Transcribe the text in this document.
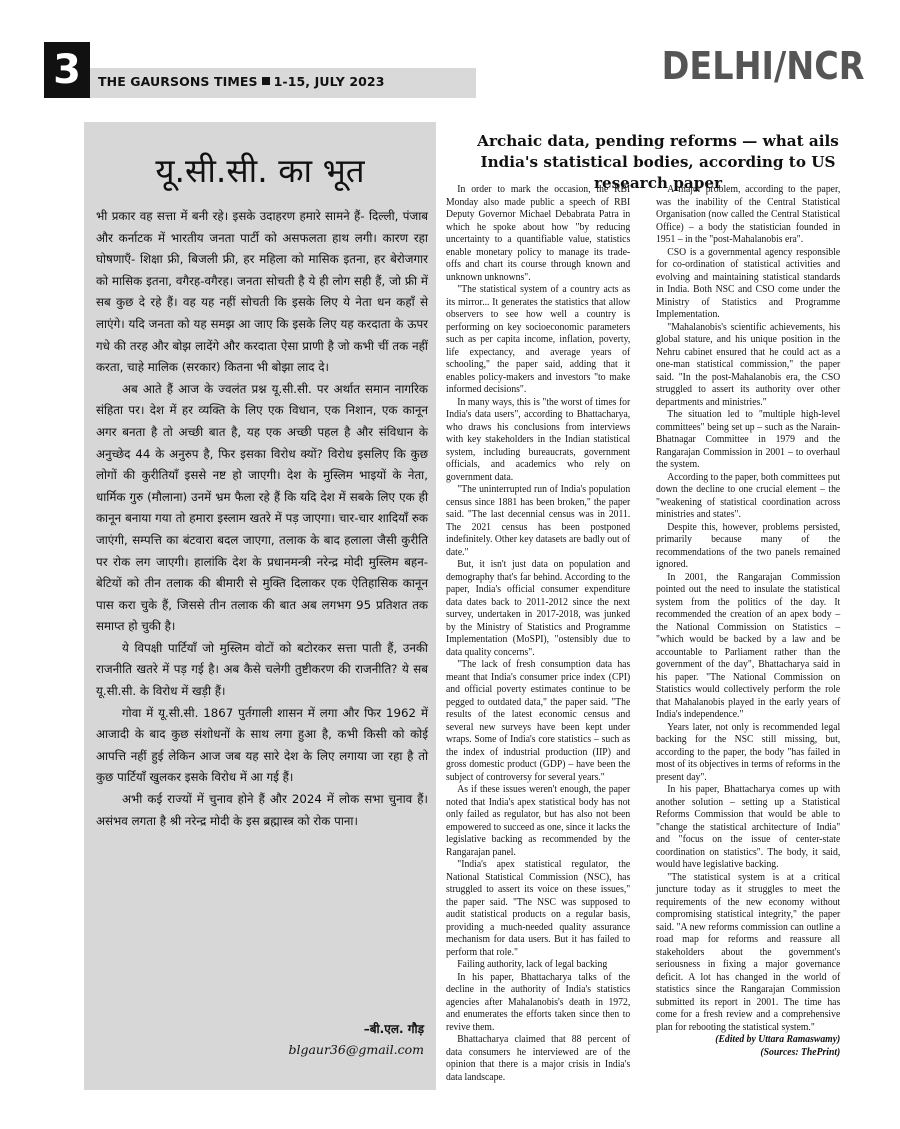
3	THE GAURSONS TIMES 1-15, JULY 2023	DELHI/NCR
यू.सी.सी. का भूत

भी प्रकार वह सत्ता में बनी रहे। इसके उदाहरण हमारे सामने हैं- दिल्ली, पंजाब और कर्नाटक में भारतीय जनता पार्टी को असफलता हाथ लगी। कारण रहा घोषणाएँ- शिक्षा फ्री, बिजली फ्री, हर महिला को मासिक इतना, हर बेरोजगार को मासिक इतना, वगैरह-वगैरह। जनता सोचती है ये ही लोग सही हैं, जो फ्री में सब कुछ दे रहे हैं। वह यह नहीं सोचती कि इसके लिए ये नेता धन कहाँ से लाएंगे। यदि जनता को यह समझ आ जाए कि इसके लिए यह करदाता के ऊपर गधे की तरह और बोझ लादेंगे और करदाता ऐसा प्राणी है जो कभी चीं तक नहीं करता, चाहे मालिक (सरकार) कितना भी बोझा लाद दे।

अब आते हैं आज के ज्वलंत प्रश्न यू.सी.सी. पर अर्थात समान नागरिक संहिता पर। देश में हर व्यक्ति के लिए एक विधान, एक निशान, एक कानून अगर बनता है तो अच्छी बात है, यह एक अच्छी पहल है और संविधान के अनुच्छेद 44 के अनुरुप है, फिर इसका विरोध क्यों? विरोध इसलिए कि कुछ लोगों की कुरीतियाँ इससे नष्ट हो जाएगी। देश के मुस्लिम भाइयों के नेता, धार्मिक गुरु (मौलाना) उनमें भ्रम फैला रहे हैं कि यदि देश में सबके लिए एक ही कानून बनाया गया तो हमारा इस्लाम खतरे में पड़ जाएगा। चार-चार शादियाँ रुक जाएंगी, सम्पत्ति का बंटवारा बदल जाएगा, तलाक के बाद हलाला जैसी कुरीति पर रोक लग जाएगी। हालांकि देश के प्रधानमन्त्री नरेन्द्र मोदी मुस्लिम बहन-बेटियों को तीन तलाक की बीमारी से मुक्ति दिलाकर एक ऐतिहासिक कानून पास करा चुके हैं, जिससे तीन तलाक की बात अब लगभग 95 प्रतिशत तक समाप्त हो चुकी है।

ये विपक्षी पार्टियाँ जो मुस्लिम वोटों को बटोरकर सत्ता पाती हैं, उनकी राजनीति खतरे में पड़ गई है। अब कैसे चलेगी तुष्टीकरण की राजनीति? ये सब यू.सी.सी. के विरोध में खड़ी हैं।

गोवा में यू.सी.सी. 1867 पुर्तगाली शासन में लगा और फिर 1962 में आजादी के बाद कुछ संशोधनों के साथ लगा हुआ है, कभी किसी को कोई आपत्ति नहीं हुई लेकिन आज जब यह सारे देश के लिए लगाया जा रहा है तो कुछ पार्टियाँ खुलकर इसके विरोध में आ गई हैं।

अभी कई राज्यों में चुनाव होने हैं और 2024 में लोक सभा चुनाव हैं। असंभव लगता है श्री नरेन्द्र मोदी के इस ब्रह्मास्त्र को रोक पाना।

–बी.एल. गौड़
blgaur36@gmail.com
Archaic data, pending reforms — what ails India's statistical bodies, according to US research paper

In order to mark the occasion, the RBI Monday also made public a speech of RBI Deputy Governor Michael Debabrata Patra in which he spoke about how "by reducing uncertainty to a quantifiable value, statistics enable monetary policy to manage its trade-offs and chart its course through known and unknown unknowns".

"The statistical system of a country acts as its mirror... It generates the statistics that allow observers to see how well a country is performing on key socioeconomic parameters such as per capita income, inflation, poverty, life expectancy, and average years of schooling," the paper said, adding that it enables policy-makers and investors "to make informed decisions".

In many ways, this is "the worst of times for India's data users", according to Bhattacharya, who draws his conclusions from interviews with key stakeholders in the Indian statistical system, including bureaucrats, government officials, and academics who rely on government data.

"The uninterrupted run of India's population census since 1881 has been broken," the paper said. "The last decennial census was in 2011. The 2021 census has been postponed indefinitely. Other key datasets are badly out of date."

But, it isn't just data on population and demography that's far behind. According to the paper, India's official consumer expenditure data dates back to 2011-2012 since the next survey, undertaken in 2017-2018, was junked by the Ministry of Statistics and Programme Implementation (MoSPI), "ostensibly due to data quality concerns".

"The lack of fresh consumption data has meant that India's consumer price index (CPI) and official poverty estimates continue to be pegged to outdated data," the paper said. "The results of the latest economic census and several new surveys have been kept under wraps. Some of India's core statistics – such as the index of industrial production (IIP) and gross domestic product (GDP) – have been the subject of controversy for several years."

As if these issues weren't enough, the paper noted that India's apex statistical body has not only failed as regulator, but has also not been empowered to succeed as one, since it lacks the legislative backing as recommended by the Rangarajan panel.

"India's apex statistical regulator, the National Statistical Commission (NSC), has struggled to assert its voice on these issues," the paper said. "The NSC was supposed to audit statistical products on a regular basis, providing a much-needed quality assurance mechanism for data users. But it has failed to perform that role."

Failing authority, lack of legal backing

In his paper, Bhattacharya talks of the decline in the authority of India's statistics agencies after Mahalanobis's death in 1972, and enumerates the efforts taken since then to revive them.

Bhattacharya claimed that 88 percent of data consumers he interviewed are of the opinion that there is a major crisis in India's data landscape.

A major problem, according to the paper, was the inability of the Central Statistical Organisation (now called the Central Statistical Office) – a body the statistician founded in 1951 – in the "post-Mahalanobis era".

CSO is a governmental agency responsible for co-ordination of statistical activities and evolving and maintaining statistical standards in India. Both NSC and CSO come under the Ministry of Statistics and Programme Implementation.

"Mahalanobis's scientific achievements, his global stature, and his unique position in the Nehru cabinet ensured that he could act as a one-man statistical commission," the paper said. "In the post-Mahalanobis era, the CSO struggled to assert its authority over other departments and ministries."

The situation led to "multiple high-level committees" being set up – such as the Narain-Bhatnagar Committee in 1979 and the Rangarajan Commission in 2001 – to overhaul the system.

According to the paper, both committees put down the decline to one crucial element – the "weakening of statistical coordination across ministries and states".

Despite this, however, problems persisted, primarily because many of the recommendations of the two panels remained ignored.

In 2001, the Rangarajan Commission pointed out the need to insulate the statistical system from the politics of the day. It recommended the creation of an apex body – the National Commission on Statistics – "which would be backed by a law and be accountable to Parliament rather than the government of the day", Bhattacharya said in his paper. "The National Commission on Statistics would collectively perform the role that Mahalanobis played in the early years of India's independence."

Years later, not only is recommended legal backing for the NSC still missing, but, according to the paper, the body "has failed in most of its objectives in terms of reforms in the present day".

In his paper, Bhattacharya comes up with another solution – setting up a Statistical Reforms Commission that would be able to "change the statistical architecture of India" and "focus on the issue of center-state coordination on statistics". The body, it said, would have legislative backing.

"The statistical system is at a critical juncture today as it struggles to meet the requirements of the new economy without compromising statistical integrity," the paper said. "A new reforms commission can outline a road map for reforms and reassure all stakeholders about the government's seriousness in fixing a major governance deficit. A lot has changed in the world of statistics since the Rangarajan Commission submitted its report in 2001. The time has come for a fresh review and a comprehensive plan for rebooting the statistical system."

(Edited by Uttara Ramaswamy)

(Sources: ThePrint)
